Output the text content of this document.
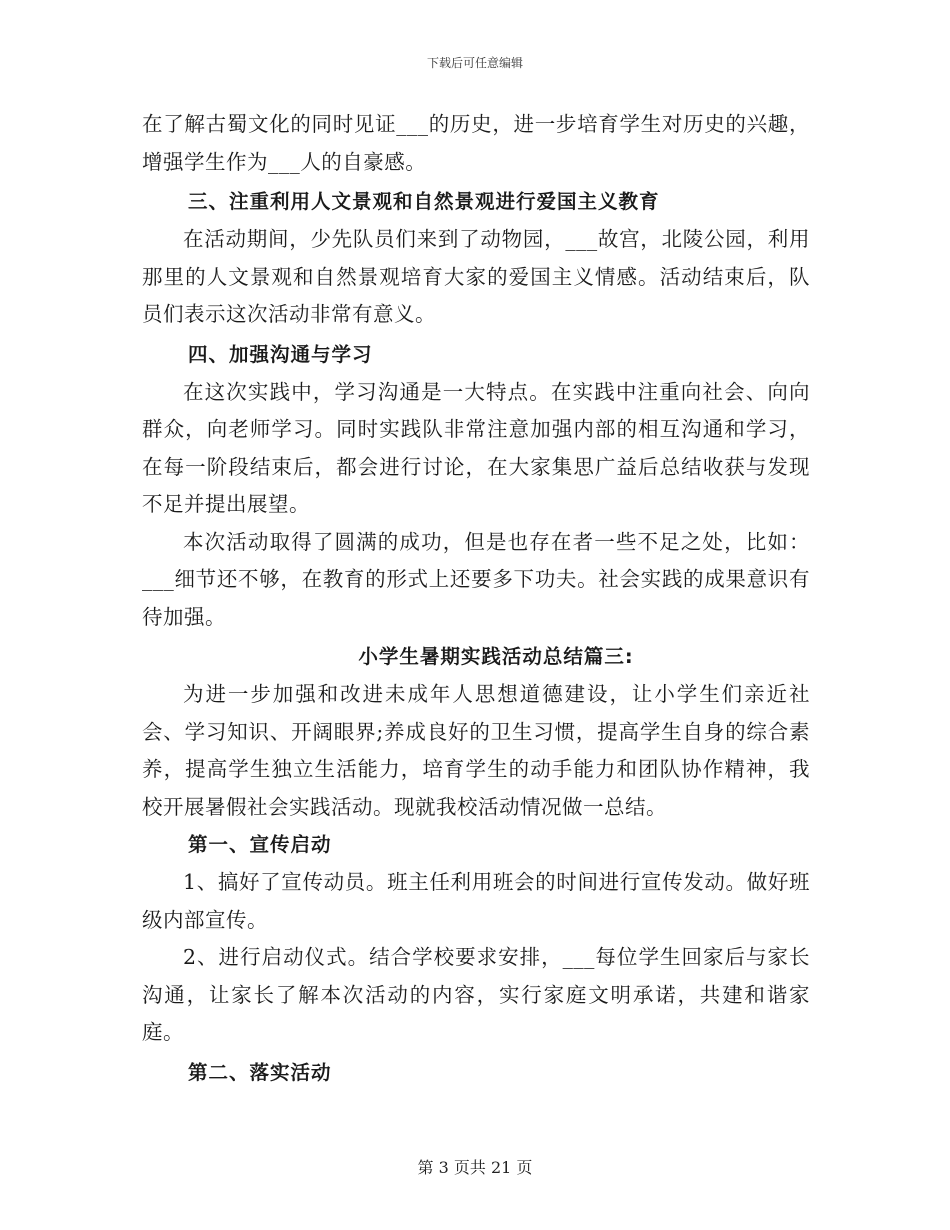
下载后可任意编辑

在了解古蜀文化的同时见证___的历史，进一步培育学生对历史的兴趣，增强学生作为___人的自豪感。

三、注重利用人文景观和自然景观进行爱国主义教育

在活动期间，少先队员们来到了动物园，___故宫，北陵公园，利用那里的人文景观和自然景观培育大家的爱国主义情感。活动结束后，队员们表示这次活动非常有意义。

四、加强沟通与学习

在这次实践中，学习沟通是一大特点。在实践中注重向社会、向向群众，向老师学习。同时实践队非常注意加强内部的相互沟通和学习，在每一阶段结束后，都会进行讨论，在大家集思广益后总结收获与发现不足并提出展望。

本次活动取得了圆满的成功，但是也存在者一些不足之处，比如：___细节还不够，在教育的形式上还要多下功夫。社会实践的成果意识有待加强。

小学生暑期实践活动总结篇三:

为进一步加强和改进未成年人思想道德建设，让小学生们亲近社会、学习知识、开阔眼界;养成良好的卫生习惯，提高学生自身的综合素养，提高学生独立生活能力，培育学生的动手能力和团队协作精神，我校开展暑假社会实践活动。现就我校活动情况做一总结。

第一、宣传启动

1、搞好了宣传动员。班主任利用班会的时间进行宣传发动。做好班级内部宣传。

2、进行启动仪式。结合学校要求安排，___每位学生回家后与家长沟通，让家长了解本次活动的内容，实行家庭文明承诺，共建和谐家庭。

第二、落实活动

第 3 页共 21 页
